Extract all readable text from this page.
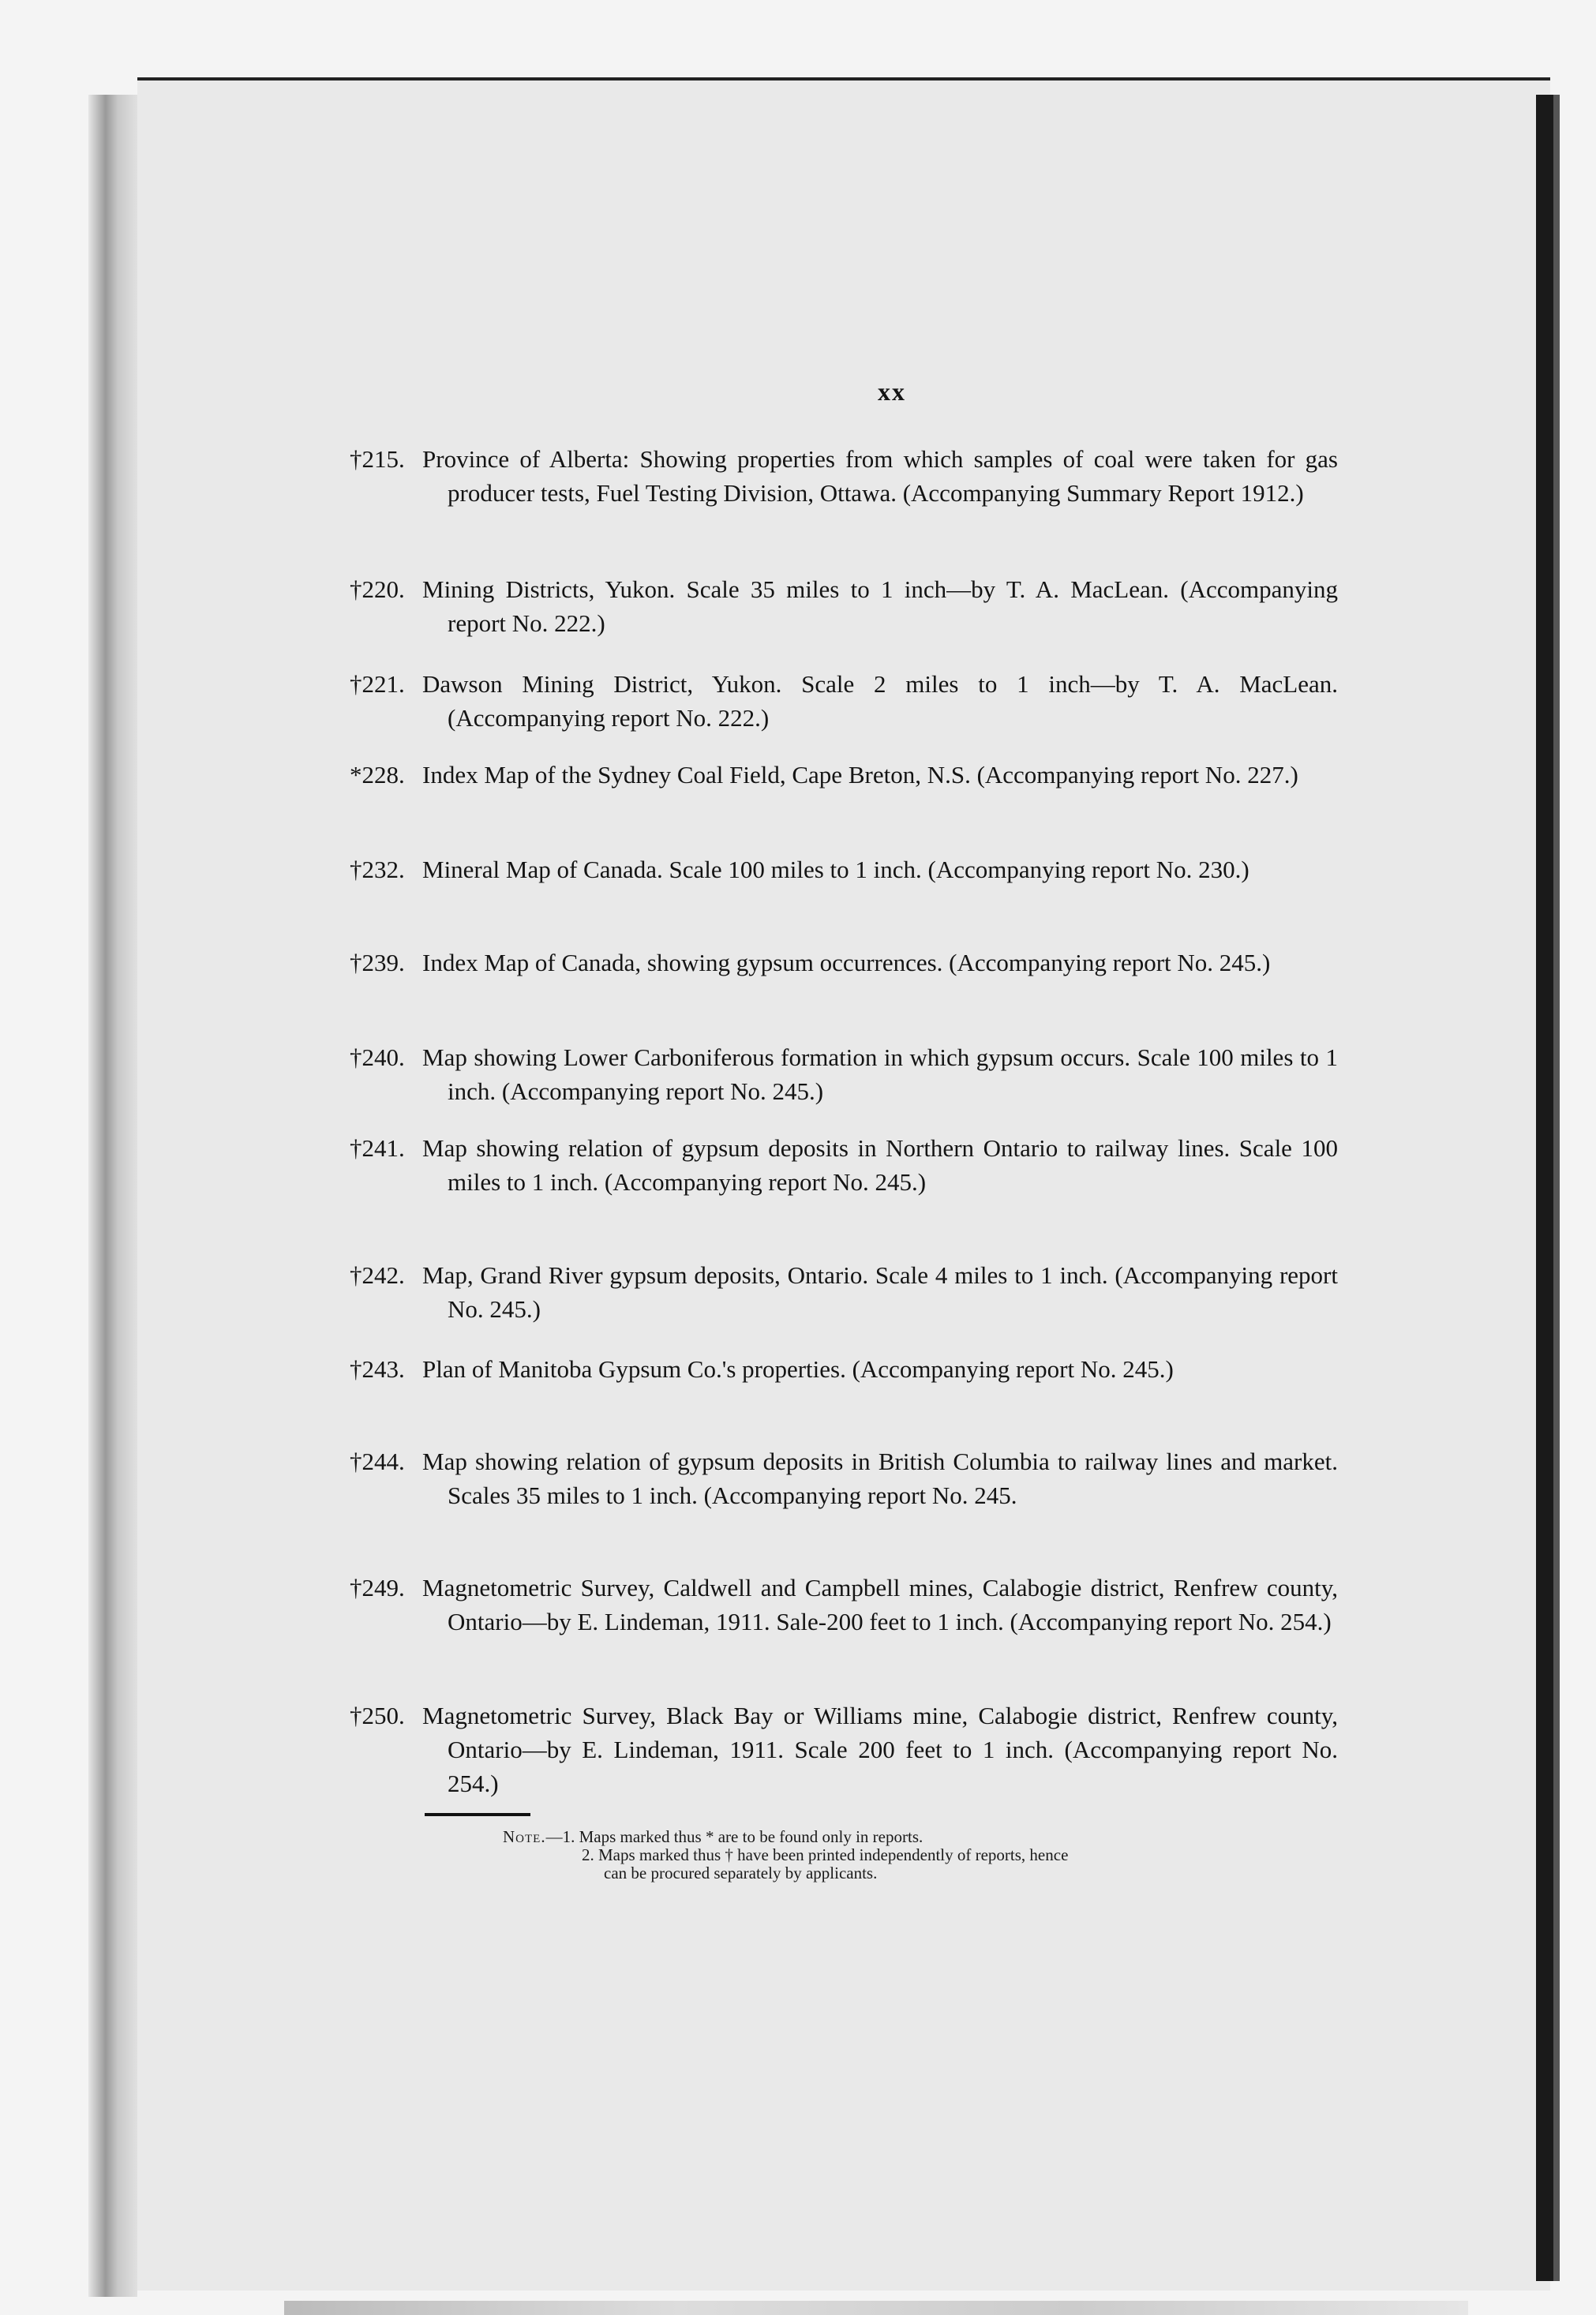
xx
†215. Province of Alberta: Showing properties from which samples of coal were taken for gas producer tests, Fuel Testing Division, Ottawa. (Accompanying Summary Report 1912.)
†220. Mining Districts, Yukon. Scale 35 miles to 1 inch—by T. A. MacLean. (Accompanying report No. 222.)
†221. Dawson Mining District, Yukon. Scale 2 miles to 1 inch—by T. A. MacLean. (Accompanying report No. 222.)
*228. Index Map of the Sydney Coal Field, Cape Breton, N.S. (Accompanying report No. 227.)
†232. Mineral Map of Canada. Scale 100 miles to 1 inch. (Accompanying report No. 230.)
†239. Index Map of Canada, showing gypsum occurrences. (Accompanying report No. 245.)
†240. Map showing Lower Carboniferous formation in which gypsum occurs. Scale 100 miles to 1 inch. (Accompanying report No. 245.)
†241. Map showing relation of gypsum deposits in Northern Ontario to railway lines. Scale 100 miles to 1 inch. (Accompanying report No. 245.)
†242. Map, Grand River gypsum deposits, Ontario. Scale 4 miles to 1 inch. (Accompanying report No. 245.)
†243. Plan of Manitoba Gypsum Co.'s properties. (Accompanying report No. 245.)
†244. Map showing relation of gypsum deposits in British Columbia to railway lines and market. Scales 35 miles to 1 inch. (Accompanying report No. 245.
†249. Magnetometric Survey, Caldwell and Campbell mines, Calabogie district, Renfrew county, Ontario—by E. Lindeman, 1911. Sale-200 feet to 1 inch. (Accompanying report No. 254.)
†250. Magnetometric Survey, Black Bay or Williams mine, Calabogie district, Renfrew county, Ontario—by E. Lindeman, 1911. Scale 200 feet to 1 inch. (Accompanying report No. 254.)
Note.—1. Maps marked thus * are to be found only in reports.
2. Maps marked thus † have been printed independently of reports, hence
can be procured separately by applicants.
